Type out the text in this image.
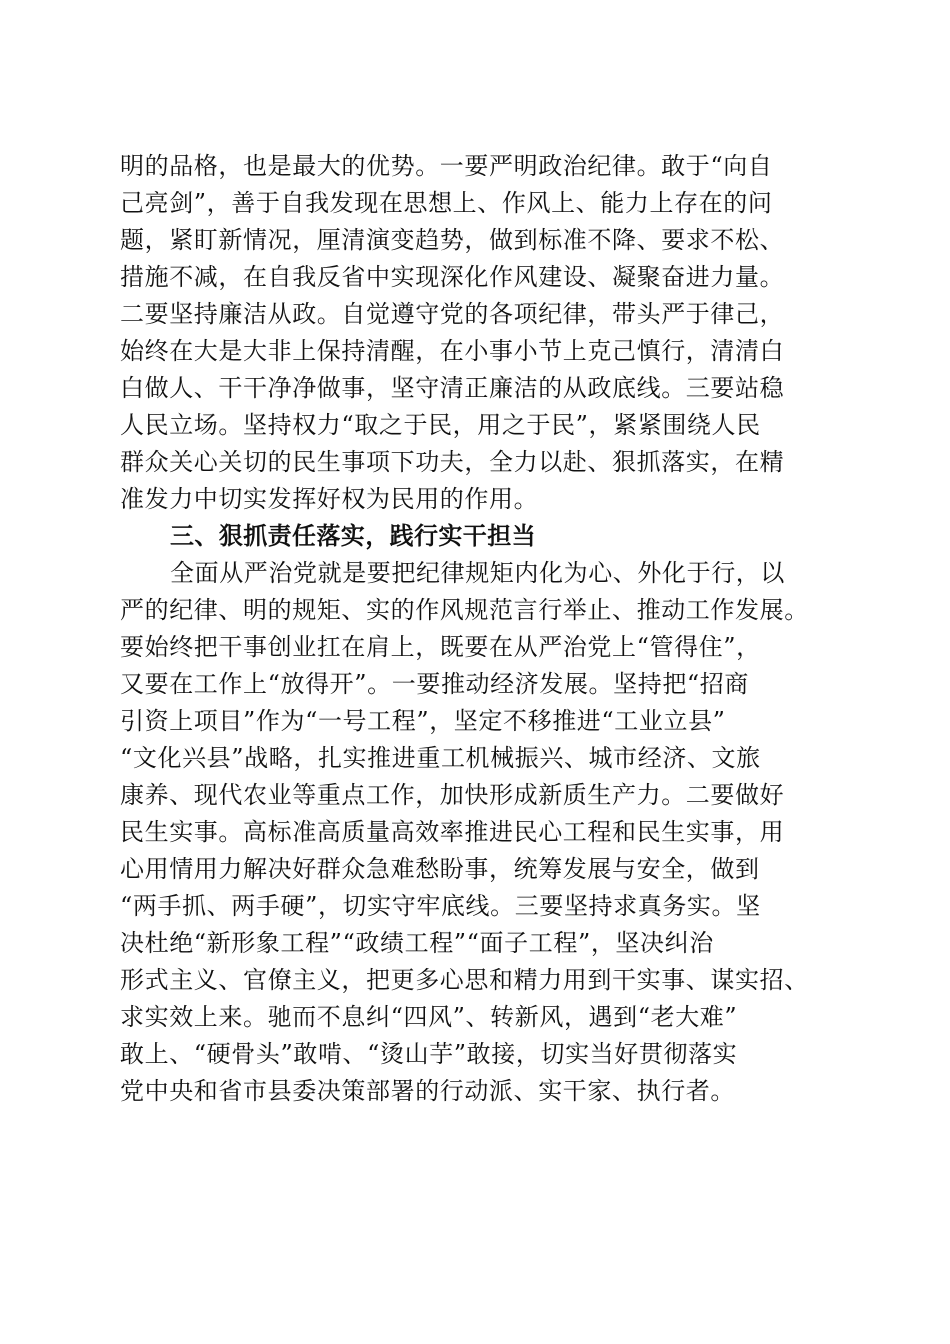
明的品格，也是最大的优势。一要严明政治纪律。敢于“向自
己亮剑”，善于自我发现在思想上、作风上、能力上存在的问
题，紧盯新情况，厘清演变趋势，做到标准不降、要求不松、
措施不减，在自我反省中实现深化作风建设、凝聚奋进力量。
二要坚持廉洁从政。自觉遵守党的各项纪律，带头严于律己，
始终在大是大非上保持清醒，在小事小节上克己慎行，清清白
白做人、干干净净做事，坚守清正廉洁的从政底线。三要站稳
人民立场。坚持权力“取之于民，用之于民”，紧紧围绕人民
群众关心关切的民生事项下功夫，全力以赴、狠抓落实，在精
准发力中切实发挥好权为民用的作用。
三、狠抓责任落实，践行实干担当
全面从严治党就是要把纪律规矩内化为心、外化于行，以
严的纪律、明的规矩、实的作风规范言行举止、推动工作发展。
要始终把干事创业扛在肩上，既要在从严治党上“管得住”，
又要在工作上“放得开”。一要推动经济发展。坚持把“招商
引资上项目”作为“一号工程”，坚定不移推进“工业立县”
“文化兴县”战略，扎实推进重工机械振兴、城市经济、文旅
康养、现代农业等重点工作，加快形成新质生产力。二要做好
民生实事。高标准高质量高效率推进民心工程和民生实事，用
心用情用力解决好群众急难愁盼事，统筹发展与安全，做到
“两手抓、两手硬”，切实守牢底线。三要坚持求真务实。坚
决杜绝“新形象工程”“政绩工程”“面子工程”，坚决纠治
形式主义、官僚主义，把更多心思和精力用到干实事、谋实招、
求实效上来。驰而不息纠“四风”、转新风，遇到“老大难”
敢上、“硬骨头”敢啃、“烫山芋”敢接，切实当好贯彻落实
党中央和省市县委决策部署的行动派、实干家、执行者。
